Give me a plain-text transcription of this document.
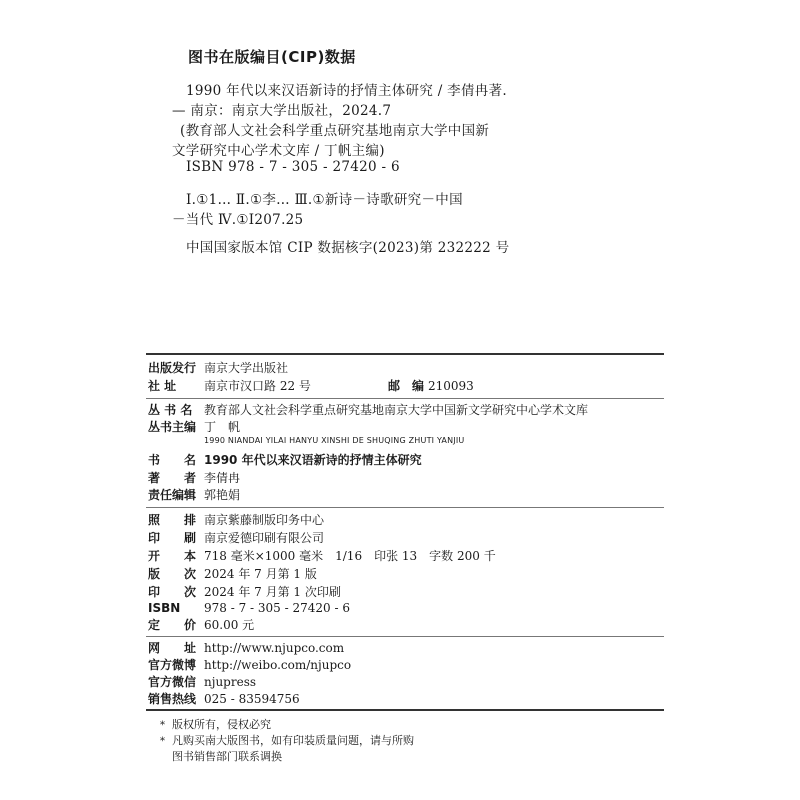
图书在版编目(CIP)数据
1990 年代以来汉语新诗的抒情主体研究 / 李倩冉著.
— 南京：南京大学出版社，2024.7
(教育部人文社会科学重点研究基地南京大学中国新
文学研究中心学术文库 / 丁帆主编)
ISBN 978 - 7 - 305 - 27420 - 6
Ⅰ.①1… Ⅱ.①李… Ⅲ.①新诗－诗歌研究－中国
－当代 Ⅳ.①I207.25
中国国家版本馆 CIP 数据核字(2023)第 232222 号
出版发行 南京大学出版社
社 址 南京市汉口路 22 号	邮　编 210093
丛 书 名 教育部人文社会科学重点研究基地南京大学中国新文学研究中心学术文库
丛书主编 丁　帆
1990 NIANDAI YILAI HANYU XINSHI DE SHUQING ZHUTI YANJIU
书　　名 1990 年代以来汉语新诗的抒情主体研究
著　　者 李倩冉
责任编辑 郭艳娟
照　　排 南京紫藤制版印务中心
印　　刷 南京爱德印刷有限公司
开　　本 718 毫米×1000 毫米　1/16　印张 13　字数 200 千
版　　次 2024 年 7 月第 1 版
印　　次 2024 年 7 月第 1 次印刷
ISBN 978 - 7 - 305 - 27420 - 6
定　　价 60.00 元
网　　址 http://www.njupco.com
官方微博 http://weibo.com/njupco
官方微信 njupress
销售热线 025 - 83594756
* 版权所有，侵权必究
* 凡购买南大版图书，如有印装质量问题，请与所购
图书销售部门联系调换
